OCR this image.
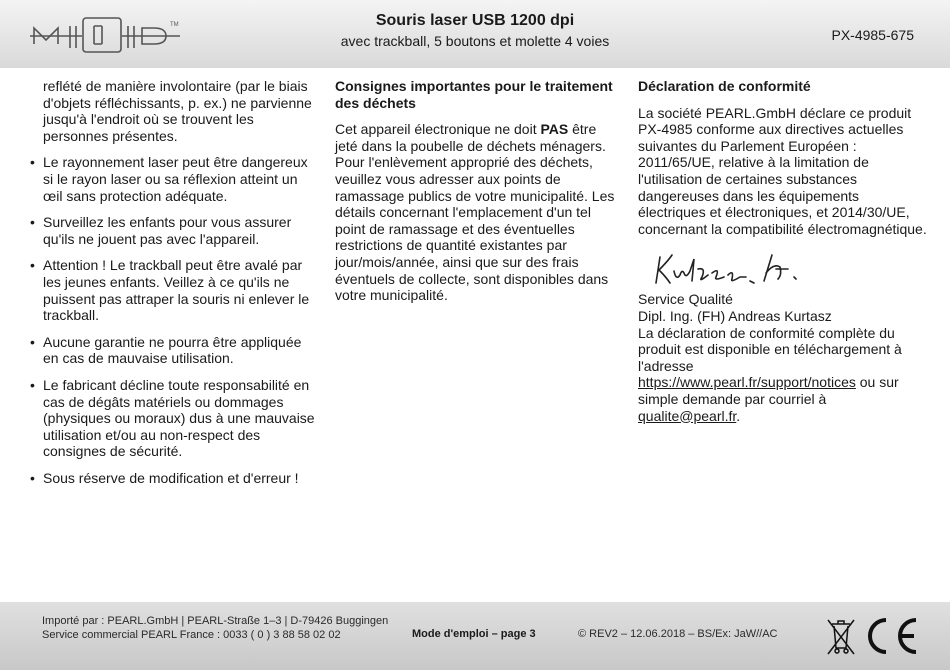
TM	Souris laser USB 1200 dpi
avec trackball, 5 boutons et molette 4 voies	PX-4985-675
reflété de manière involontaire (par le biais d'objets réfléchissants, p. ex.) ne parvienne jusqu'à l'endroit où se trouvent les personnes présentes.
• Le rayonnement laser peut être dangereux si le rayon laser ou sa réflexion atteint un œil sans protection adéquate.
• Surveillez les enfants pour vous assurer qu'ils ne jouent pas avec l'appareil.
• Attention ! Le trackball peut être avalé par les jeunes enfants. Veillez à ce qu'ils ne puissent pas attraper la souris ni enlever le trackball.
• Aucune garantie ne pourra être appliquée en cas de mauvaise utilisation.
• Le fabricant décline toute responsabilité en cas de dégâts matériels ou dommages (physiques ou moraux) dus à une mauvaise utilisation et/ou au non-respect des consignes de sécurité.
• Sous réserve de modification et d'erreur !
Consignes importantes pour le traitement des déchets

Cet appareil électronique ne doit PAS être jeté dans la poubelle de déchets ménagers. Pour l'enlèvement approprié des déchets, veuillez vous adresser aux points de ramassage publics de votre municipalité. Les détails concernant l'emplacement d'un tel point de ramassage et des éventuelles restrictions de quantité existantes par jour/mois/année, ainsi que sur des frais éventuels de collecte, sont disponibles dans votre municipalité.

Déclaration de conformité

La société PEARL.GmbH déclare ce produit PX-4985 conforme aux directives actuelles suivantes du Parlement Européen : 2011/65/UE, relative à la limitation de l'utilisation de certaines substances dangereuses dans les équipements électriques et électroniques, et 2014/30/UE, concernant la compatibilité électromagnétique.

Service Qualité
Dipl. Ing. (FH) Andreas Kurtasz
La déclaration de conformité complète du produit est disponible en téléchargement à l'adresse
https://www.pearl.fr/support/notices ou sur simple demande par courriel à
qualite@pearl.fr.
Importé par : PEARL.GmbH | PEARL-Straße 1–3 | D-79426 Buggingen
Service commercial PEARL France : 0033 ( 0 ) 3 88 58 02 02	Mode d'emploi – page 3	© REV2 – 12.06.2018 – BS/Ex: JaW//AC
